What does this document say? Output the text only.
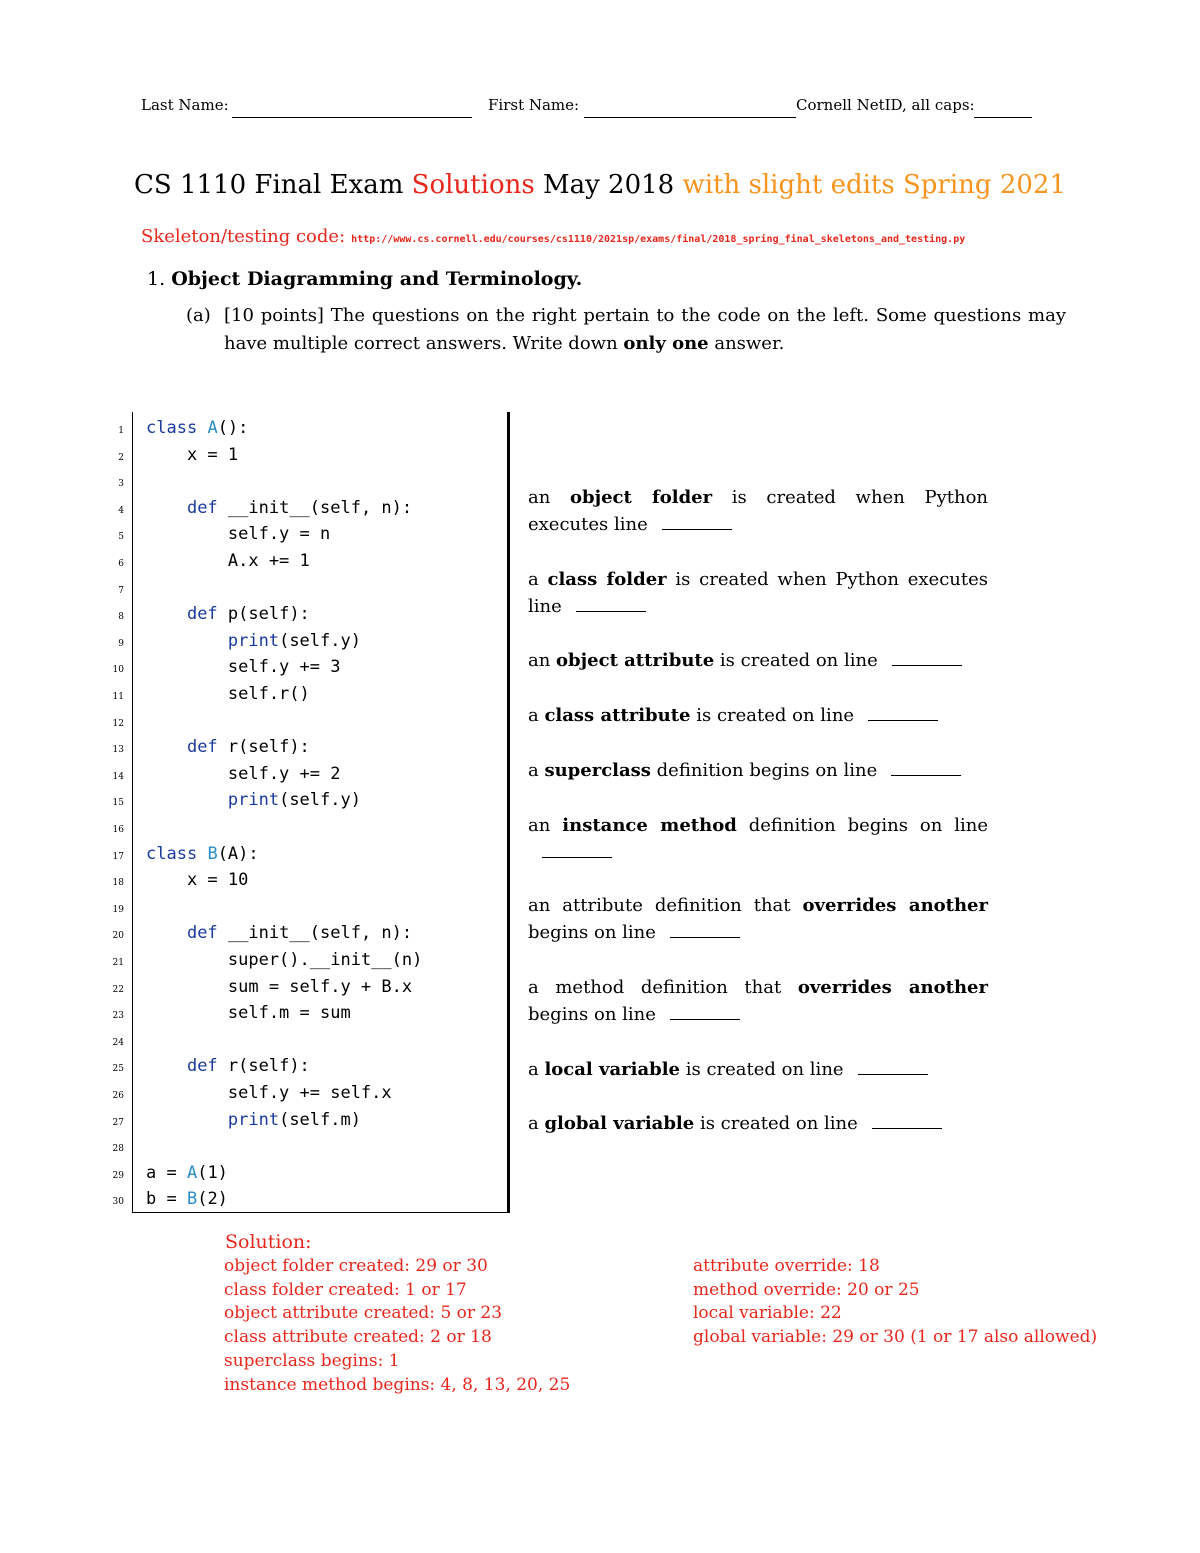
Last Name:	First Name:	Cornell NetID, all caps:
CS 1110 Final Exam Solutions May 2018 with slight edits Spring 2021
Skeleton/testing code: http://www.cs.cornell.edu/courses/cs1110/2021sp/exams/final/2018_spring_final_skeletons_and_testing.py
1. Object Diagramming and Terminology.
(a) [10 points] The questions on the right pertain to the code on the left. Some questions may have multiple correct answers. Write down only one answer.
1 class A():
2 x = 1
3
4	def __init__(self, n):
5 self.y = n
6 A.x += 1
7
8	def p(self):
9	print(self.y)
10 self.y += 3
11 self.r()
12
13	def r(self):
14 self.y += 2
15	print(self.y)
16
17 class B(A):
18 x = 10
19
20	def __init__(self, n):
21 super().__init__(n)
22 sum = self.y + B.x
23 self.m = sum
24
25	def r(self):
26 self.y += self.x
27	print(self.m)
28
29 a = A(1)
30 b = B(2)
an object folder is created when Python executes line
a class folder is created when Python executes line
an object attribute is created on line
a class attribute is created on line
a superclass definition begins on line
an instance method definition begins on line
an attribute definition that overrides another begins on line
a method definition that overrides another begins on line
a local variable is created on line
a global variable is created on line
Solution:
object folder created: 29 or 30
class folder created: 1 or 17
object attribute created: 5 or 23
class attribute created: 2 or 18
superclass begins: 1
instance method begins: 4, 8, 13, 20, 25
attribute override: 18
method override: 20 or 25
local variable: 22
global variable: 29 or 30 (1 or 17 also allowed)
